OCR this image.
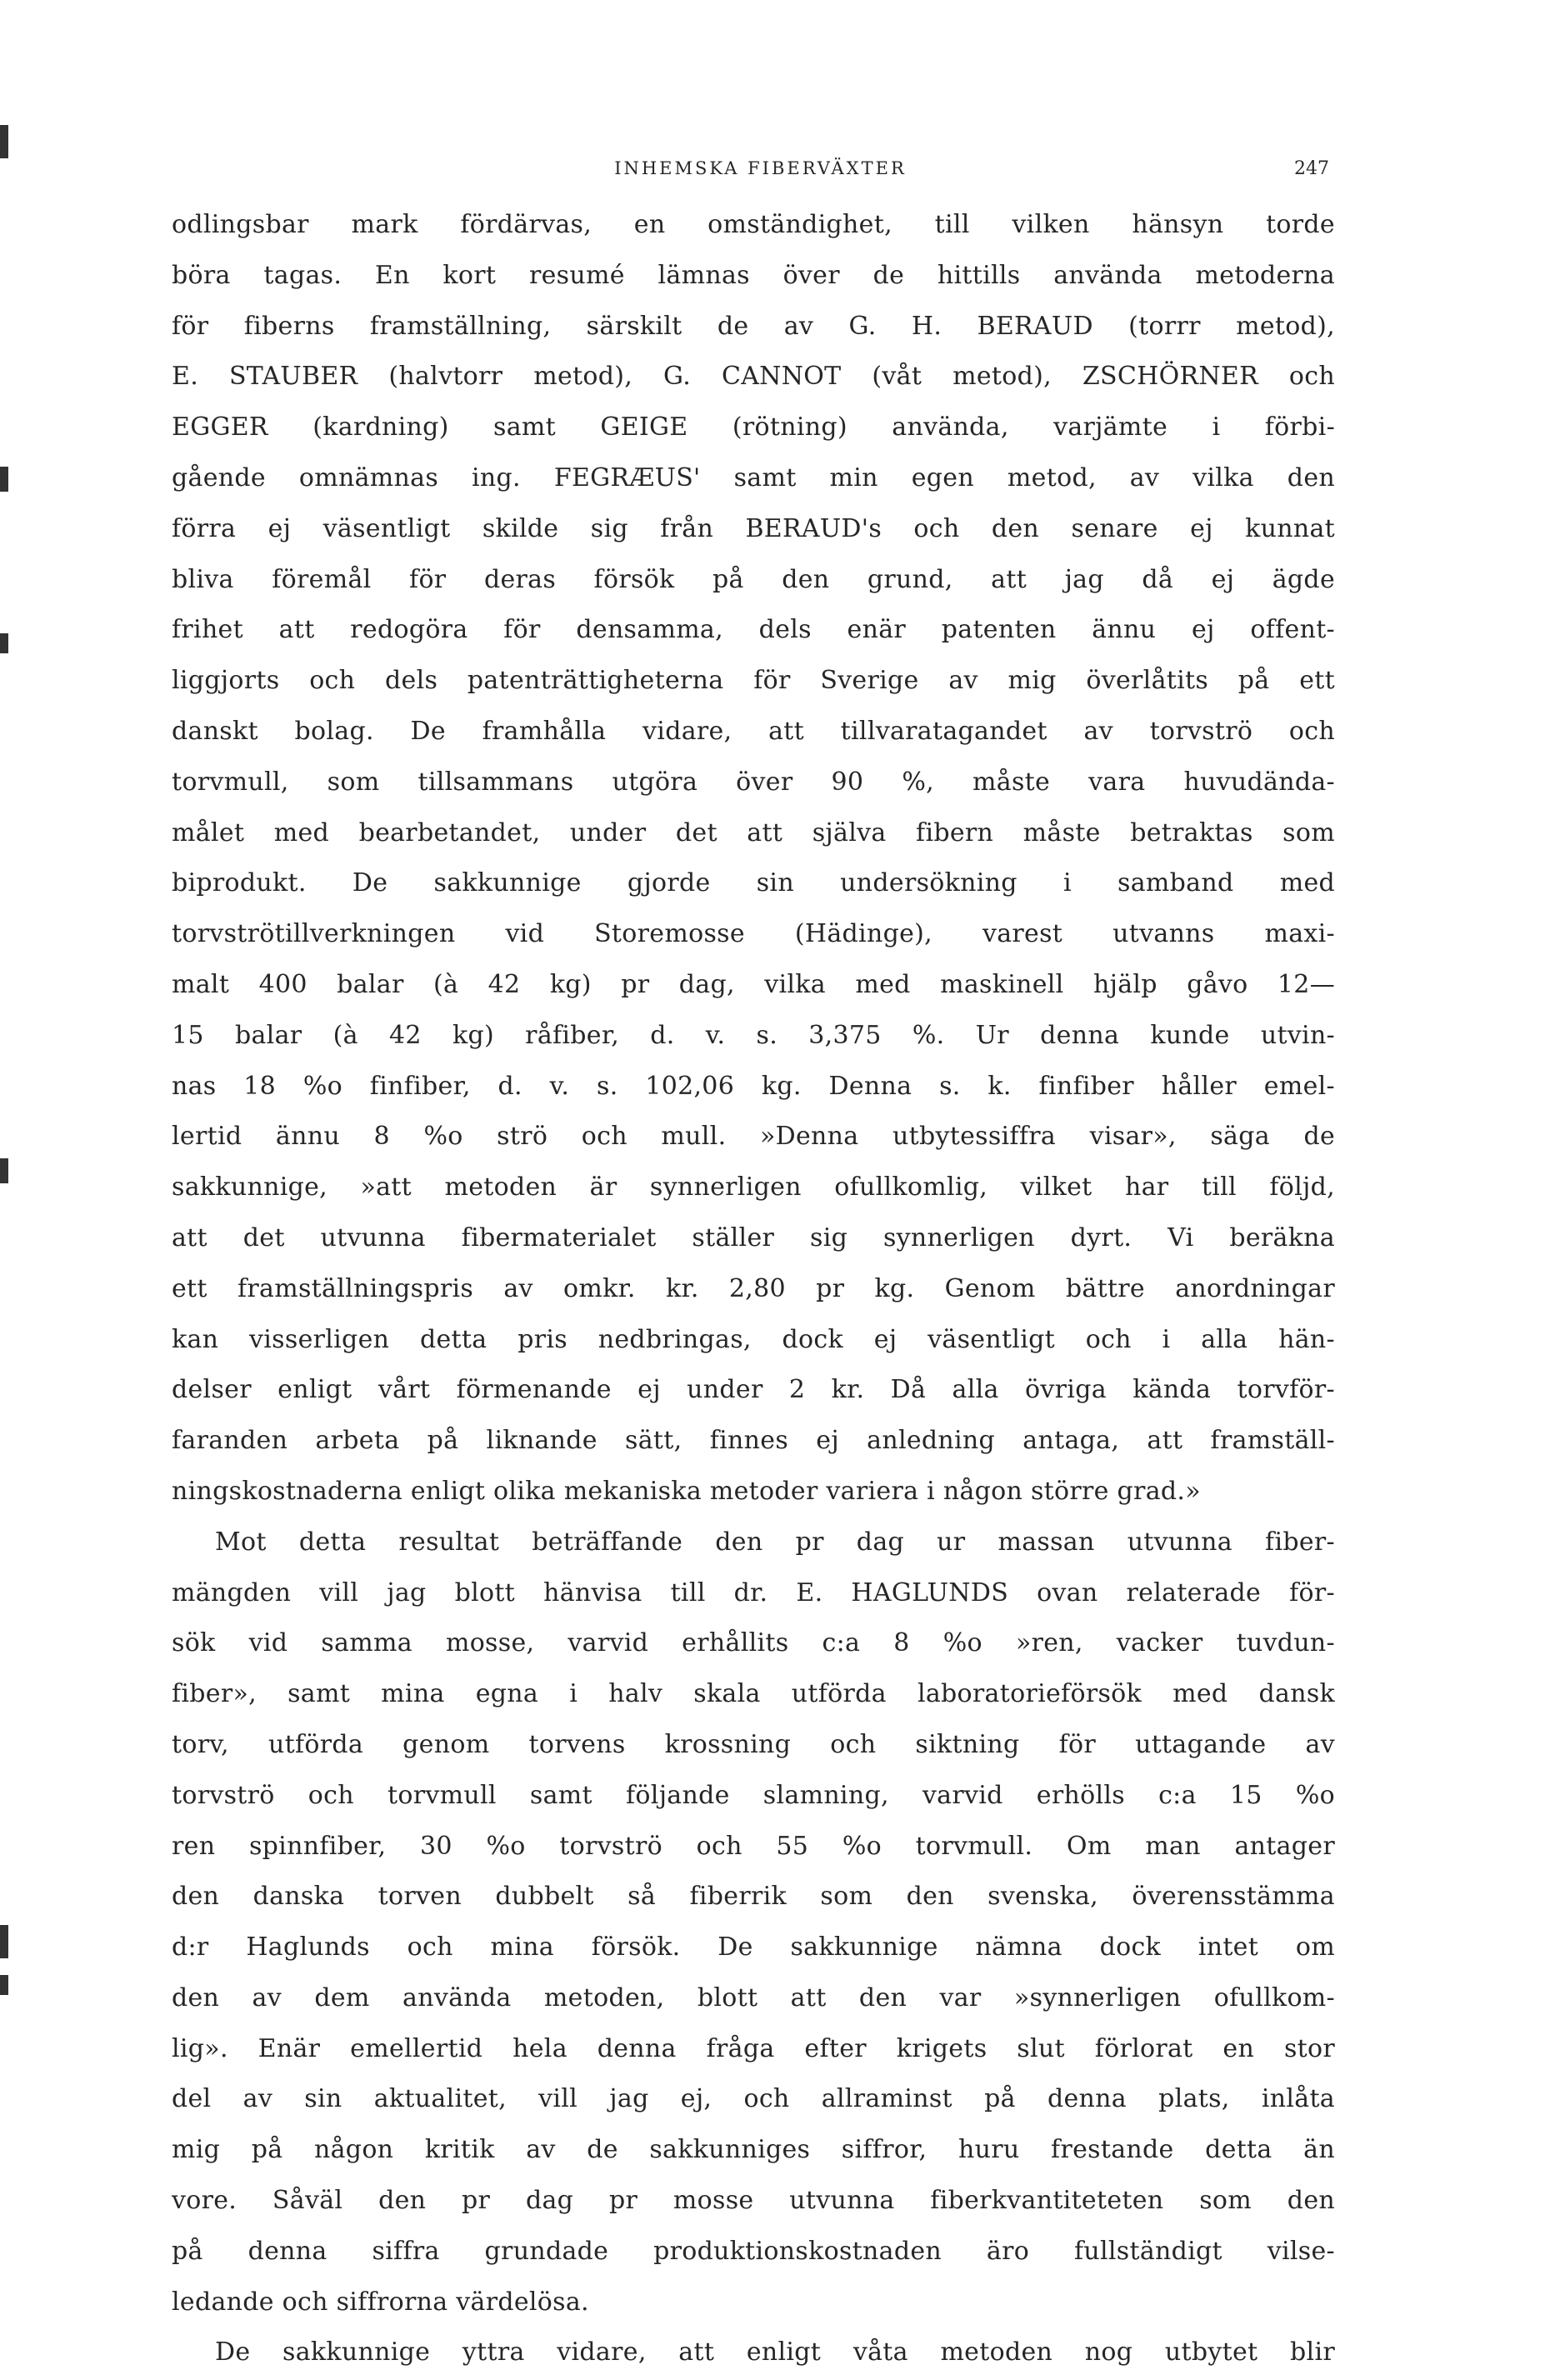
INHEMSKA FIBERVÄXTER	247
odlingsbar mark fördärvas, en omständighet, till vilken hänsyn torde
böra tagas. En kort resumé lämnas över de hittills använda metoderna
för fiberns framställning, särskilt de av G. H. BERAUD (torrr metod),
E. STAUBER (halvtorr metod), G. CANNOT (våt metod), ZSCHÖRNER och
EGGER (kardning) samt GEIGE (rötning) använda, varjämte i förbi-
gående omnämnas ing. FEGRÆUS' samt min egen metod, av vilka den
förra ej väsentligt skilde sig från BERAUD's och den senare ej kunnat
bliva föremål för deras försök på den grund, att jag då ej ägde
frihet att redogöra för densamma, dels enär patenten ännu ej offent-
liggjorts och dels patenträttigheterna för Sverige av mig överlåtits på ett
danskt bolag. De framhålla vidare, att tillvaratagandet av torvströ och
torvmull, som tillsammans utgöra över 90 %, måste vara huvudända-
målet med bearbetandet, under det att själva fibern måste betraktas som
biprodukt. De sakkunnige gjorde sin undersökning i samband med
torvströtillverkningen vid Storemosse (Hädinge), varest utvanns maxi-
malt 400 balar (à 42 kg) pr dag, vilka med maskinell hjälp gåvo 12—
15 balar (à 42 kg) råfiber, d. v. s. 3,375 %. Ur denna kunde utvin-
nas 18 %o finfiber, d. v. s. 102,06 kg. Denna s. k. finfiber håller emel-
lertid ännu 8 %o strö och mull. »Denna utbytessiffra visar», säga de
sakkunnige, »att metoden är synnerligen ofullkomlig, vilket har till följd,
att det utvunna fibermaterialet ställer sig synnerligen dyrt. Vi beräkna
ett framställningspris av omkr. kr. 2,80 pr kg. Genom bättre anordningar
kan visserligen detta pris nedbringas, dock ej väsentligt och i alla hän-
delser enligt vårt förmenande ej under 2 kr. Då alla övriga kända torvför-
faranden arbeta på liknande sätt, finnes ej anledning antaga, att framställ-
ningskostnaderna enligt olika mekaniska metoder variera i någon större grad.»
Mot detta resultat beträffande den pr dag ur massan utvunna fiber-
mängden vill jag blott hänvisa till dr. E. HAGLUNDS ovan relaterade för-
sök vid samma mosse, varvid erhållits c:a 8 %o »ren, vacker tuvdun-
fiber», samt mina egna i halv skala utförda laboratorieförsök med dansk
torv, utförda genom torvens krossning och siktning för uttagande av
torvströ och torvmull samt följande slamning, varvid erhölls c:a 15 %o
ren spinnfiber, 30 %o torvströ och 55 %o torvmull. Om man antager
den danska torven dubbelt så fiberrik som den svenska, överensstämma
d:r Haglunds och mina försök. De sakkunnige nämna dock intet om
den av dem använda metoden, blott att den var »synnerligen ofullkom-
lig». Enär emellertid hela denna fråga efter krigets slut förlorat en stor
del av sin aktualitet, vill jag ej, och allraminst på denna plats, inlåta
mig på någon kritik av de sakkunniges siffror, huru frestande detta än
vore. Såväl den pr dag pr mosse utvunna fiberkvantiteteten som den
på denna siffra grundade produktionskostnaden äro fullständigt vilse-
ledande och siffrorna värdelösa.
De sakkunnige yttra vidare, att enligt våta metoden nog utbytet blir
